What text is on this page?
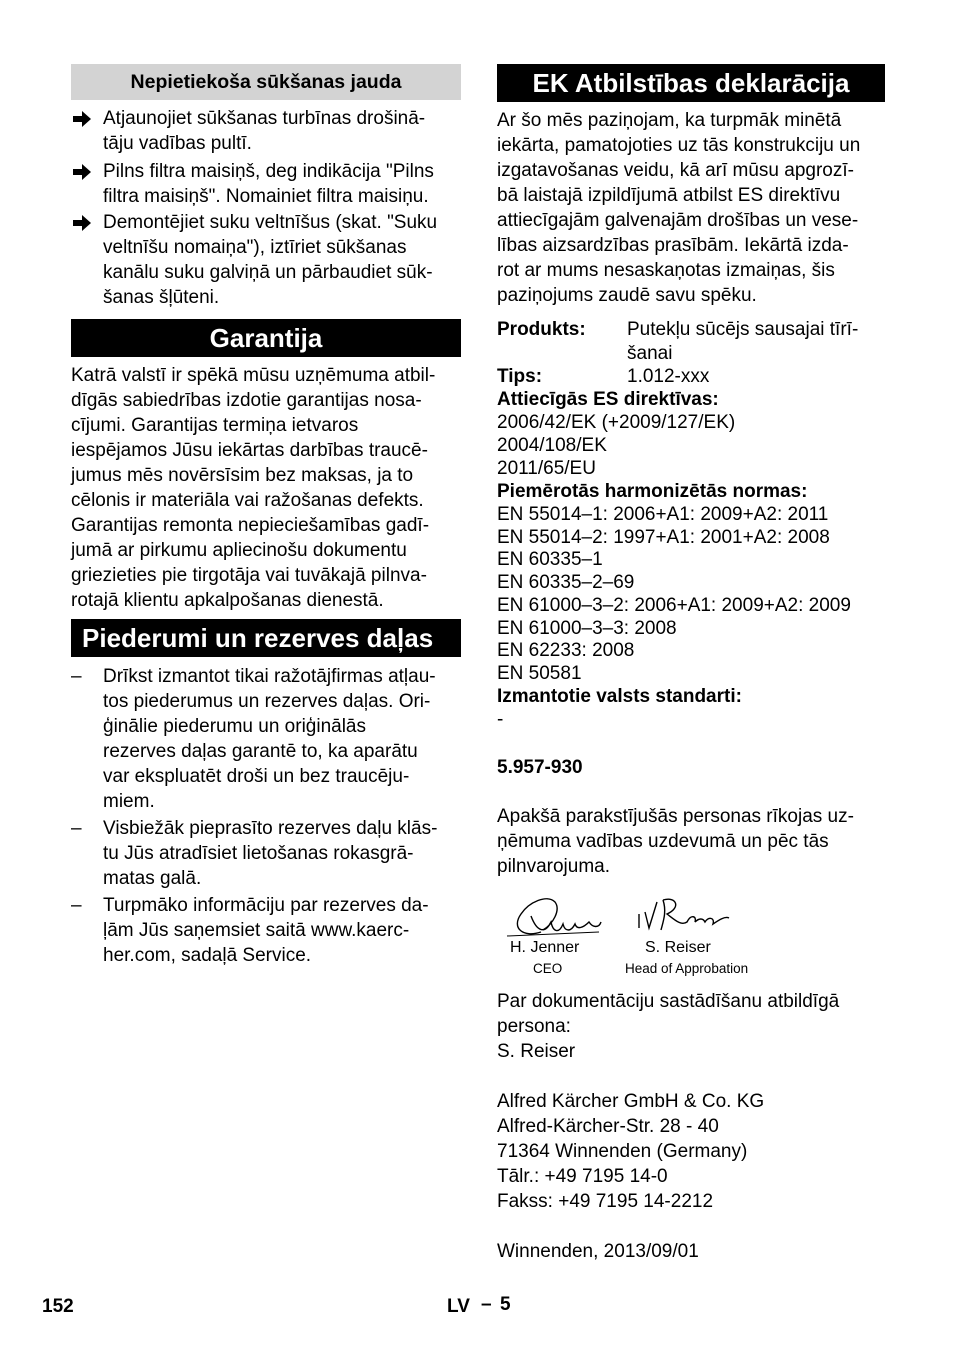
Nepietiekoša sūkšanas jauda
Atjaunojiet sūkšanas turbīnas drošinā-
tāju vadības pultī.
Pilns filtra maisiņš, deg indikācija "Pilns
filtra maisiņš". Nomainiet filtra maisiņu.
Demontējiet suku veltnīšus (skat. "Suku
veltnīšu nomaiņa"), iztīriet sūkšanas
kanālu suku galviņā un pārbaudiet sūk-
šanas šļūteni.
Garantija
Katrā valstī ir spēkā mūsu uzņēmuma atbil-
dīgās sabiedrības izdotie garantijas nosa-
cījumi. Garantijas termiņa ietvaros
iespējamos Jūsu iekārtas darbības traucē-
jumus mēs novērsīsim bez maksas, ja to
cēlonis ir materiāla vai ražošanas defekts.
Garantijas remonta nepieciešamības gadī-
jumā ar pirkumu apliecinošu dokumentu
griezieties pie tirgotāja vai tuvākajā pilnva-
rotajā klientu apkalpošanas dienestā.
Piederumi un rezerves daļas
–	Drīkst izmantot tikai ražotājfirmas atļau-
tos piederumus un rezerves daļas. Ori-
ģinālie piederumu un oriģinālās
rezerves daļas garantē to, ka aparātu
var ekspluatēt droši un bez traucēju-
miem.
–	Visbiežāk pieprasīto rezerves daļu klās-
tu Jūs atradīsiet lietošanas rokasgrā-
matas galā.
–	Turpmāko informāciju par rezerves da-
ļām Jūs saņemsiet saitā www.kaerc-
her.com, sadaļā Service.
EK Atbilstības deklarācija
Ar šo mēs paziņojam, ka turpmāk minētā
iekārta, pamatojoties uz tās konstrukciju un
izgatavošanas veidu, kā arī mūsu apgrozī-
bā laistajā izpildījumā atbilst ES direktīvu
attiecīgajām galvenajām drošības un vese-
lības aizsardzības prasībām. Iekārtā izda-
rot ar mums nesaskaņotas izmaiņas, šis
paziņojums zaudē savu spēku.
Produkts: Putekļu sūcējs sausajai tīrī-
šanai
Tips:	1.012-xxx
Attiecīgās ES direktīvas:
2006/42/EK (+2009/127/EK)
2004/108/EK
2011/65/EU
Piemērotās harmonizētās normas:
EN 55014–1: 2006+A1: 2009+A2: 2011
EN 55014–2: 1997+A1: 2001+A2: 2008
EN 60335–1
EN 60335–2–69
EN 61000–3–2: 2006+A1: 2009+A2: 2009
EN 61000–3–3: 2008
EN 62233: 2008
EN 50581
Izmantotie valsts standarti:
-
5.957-930
Apakšā parakstījušās personas rīkojas uz-
ņēmuma vadības uzdevumā un pēc tās
pilnvarojuma.
H. Jenner
CEO
S. Reiser
Head of Approbation
Par dokumentāciju sastādīšanu atbildīgā
persona:
S. Reiser
Alfred Kärcher GmbH & Co. KG
Alfred-Kärcher-Str. 28 - 40
71364 Winnenden (Germany)
Tālr.: +49 7195 14-0
Fakss: +49 7195 14-2212
Winnenden, 2013/09/01
152	LV – 5
